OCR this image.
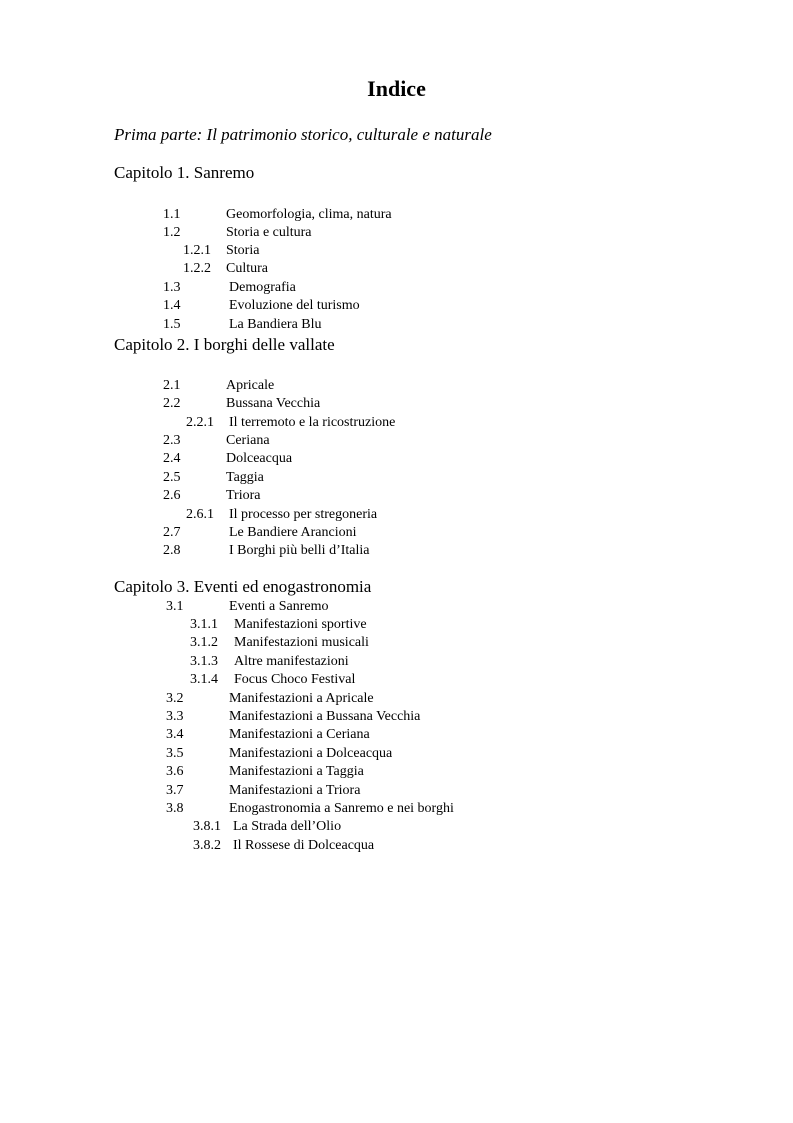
Indice
Prima parte: Il patrimonio storico, culturale e naturale
Capitolo 1. Sanremo
1.1	Geomorfologia, clima, natura
1.2	Storia e cultura
1.2.1 Storia
1.2.2 Cultura
1.3	Demografia
1.4	Evoluzione del turismo
1.5	La Bandiera Blu
Capitolo 2. I borghi delle vallate
2.1	Apricale
2.2	Bussana Vecchia
2.2.1 Il terremoto e la ricostruzione
2.3	Ceriana
2.4	Dolceacqua
2.5	Taggia
2.6	Triora
2.6.1 Il processo per stregoneria
2.7	Le Bandiere Arancioni
2.8	I Borghi più belli d’Italia
Capitolo 3. Eventi ed enogastronomia
3.1	Eventi a Sanremo
3.1.1 Manifestazioni sportive
3.1.2 Manifestazioni musicali
3.1.3 Altre manifestazioni
3.1.4 Focus Choco Festival
3.2	Manifestazioni a Apricale
3.3	Manifestazioni a Bussana Vecchia
3.4	Manifestazioni a Ceriana
3.5	Manifestazioni a Dolceacqua
3.6	Manifestazioni a Taggia
3.7	Manifestazioni a Triora
3.8	Enogastronomia a Sanremo e nei borghi
3.8.1 La Strada dell’Olio
3.8.2 Il Rossese di Dolceacqua
